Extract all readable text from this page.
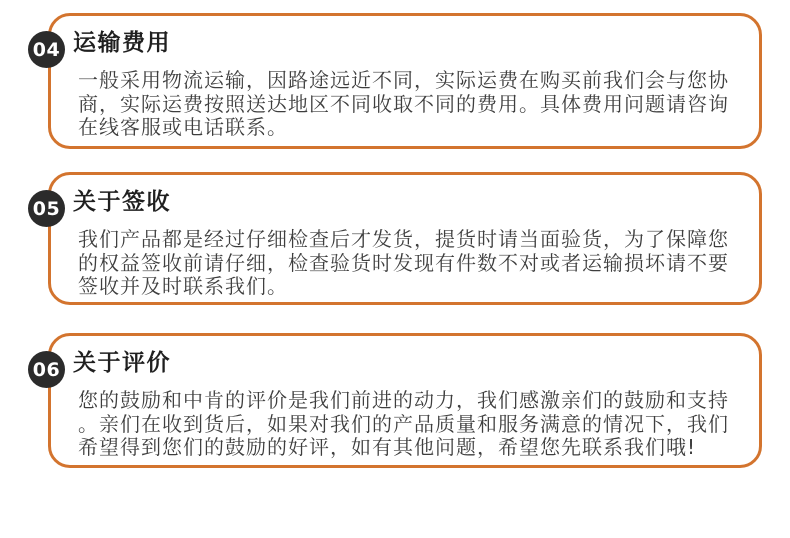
04 运输费用

一般采用物流运输，因路途远近不同，实际运费在购买前我们会与您协商，实际运费按照送达地区不同收取不同的费用。具体费用问题请咨询在线客服或电话联系。

05 关于签收

我们产品都是经过仔细检查后才发货，提货时请当面验货，为了保障您的权益签收前请仔细，检查验货时发现有件数不对或者运输损坏请不要签收并及时联系我们。

06 关于评价

您的鼓励和中肯的评价是我们前进的动力，我们感激亲们的鼓励和支持。亲们在收到货后，如果对我们的产品质量和服务满意的情况下，我们希望得到您们的鼓励的好评，如有其他问题，希望您先联系我们哦!
